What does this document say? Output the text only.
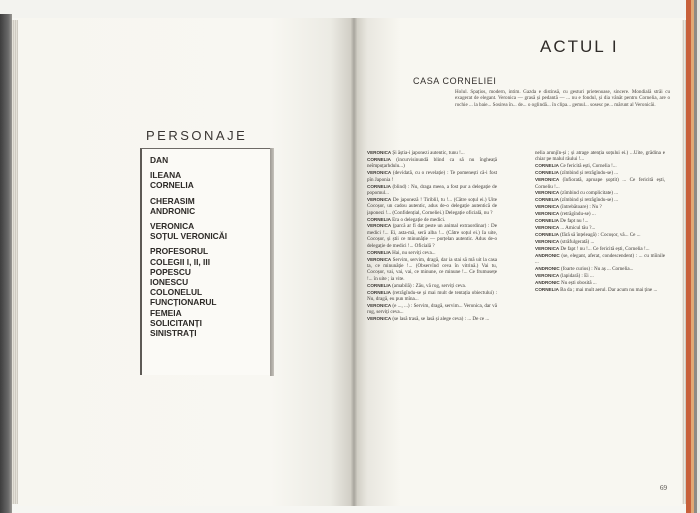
PERSONAJE
DAN
ILEANA
CORNELIA
CHERASIM
ANDRONIC
VERONICA
SOȚUL VERONICĂI
PROFESORUL
COLEGII I, II, III
POPESCU
IONESCU
COLONELUL
FUNCȚIONARUL
FEMEIA
SOLICITANȚI
SINISTRAȚI
ACTUL I
CASA CORNELIEI
Holul. Spațios, modern, intim. Gazda e distinsă, cu gesturi prietenoase, sincere. Mondială străi cu exagerat de elegant. Veronica — grasă și pedantă — ... nu e fondul, și dia vânăt pentru Cornelia, are o rochie ... la baie... Sosirea în... de... o oglindă... în clipa... gemul... sosesc pe... mărunt al Veronicăi.

VERONICA Și ăștia-i japonezi autentic, tunu !...

CORNELIA (incurvisinundă blind ca să nu îngheață neîmpuțarhdulu...)

VERONICA (devidată, cu o revelație) : Te pomenești că-i fost pîn Japonia !

CORNELIA (blind) : Nu, draga meea, a fost pur a delegație de popomul...

VERONICA De japoneză ! Tiriblil, tu !... (Către soțul ei.) Uite Cocoșor, un cadou autentic, adus de-o delegație autentică de japonezi !... (Confidențial, Corneliei.) Delegație oficială, nu ?

CORNELIA Era o delegație de medici.

VERONICA (parcă ar fi dat peste un animal extraordinar) : De medici !... Ei, asta-mă, seră alba !... (Către soțul ei.) Ia uite, Cocoșor, și știi ce minunăție — porțelan autentic. Adus de-o delegație de medici !... Oficială ?

CORNELIA Hai, nu serviți ceva...

VERONICA Servim, servim, dragă, dar ia stai să mă uit la casa ta, ce minunăție !... (Observînd ceva în vitrină.) Vai tu, Cocoșor, vai, vai, vai, ce minune, ce minune !... Ce frumusețe !... în uite ; ia vite.

CORNELIA (amabilă) : Zău, vă rog, serviți ceva.

CORNELIA (retrăgîndu-se și mai mult de tentația obiectului) : Nu, dragă, eu pun mîna...

VERONICA (e ..., ...) : Servim, dragă, servim... Veronica, dar vă rog, serviți ceva...

VERONICA (se lasă trasă, se lasă și alege ceva) : ... De ce ...

nelia arunjîn-și ; și atrage atenția soțului ei.) ...Uite, grădina e chiar pe malul râului !...

CORNELIA Ce fericită ești, Cornelia !...

CORNELIA (zîmbind și retrăgîndu-se) ...

VERONICA (înfiorată, aproape șoptit) ... Ce fericită ești, Corneliu !...

VERONICA (zîmbind cu complicitate) ...

CORNELIA (zîmbind și retrăgîndu-se) ...

VERONICA (întrebătoare) : Nu ?

VERONICA (retrăgîndu-se) ...

CORNELIA De fapt nu !...

VERONICA ... Amicul tău ?...

CORNELIA (fără să înțeleagă) : Cocoșor, vă... Ce ...

VERONICA (străfulgerată) ...

VERONICA De fapt ! nu !... Ce fericită ești, Cornelia !...

ANDRONIC (se, elegant, aferat, condescendent) : ... cu mîinile ...

ANDRONIC (foarte curios) : Nu aș ... Cornelia...

VERONICA (lapidară) : Ei ...

ANDRONIC Nu ești obosită ...

CORNELIA Ba da ; mai mult aerul. Dar acum nu mai ține ...

69
